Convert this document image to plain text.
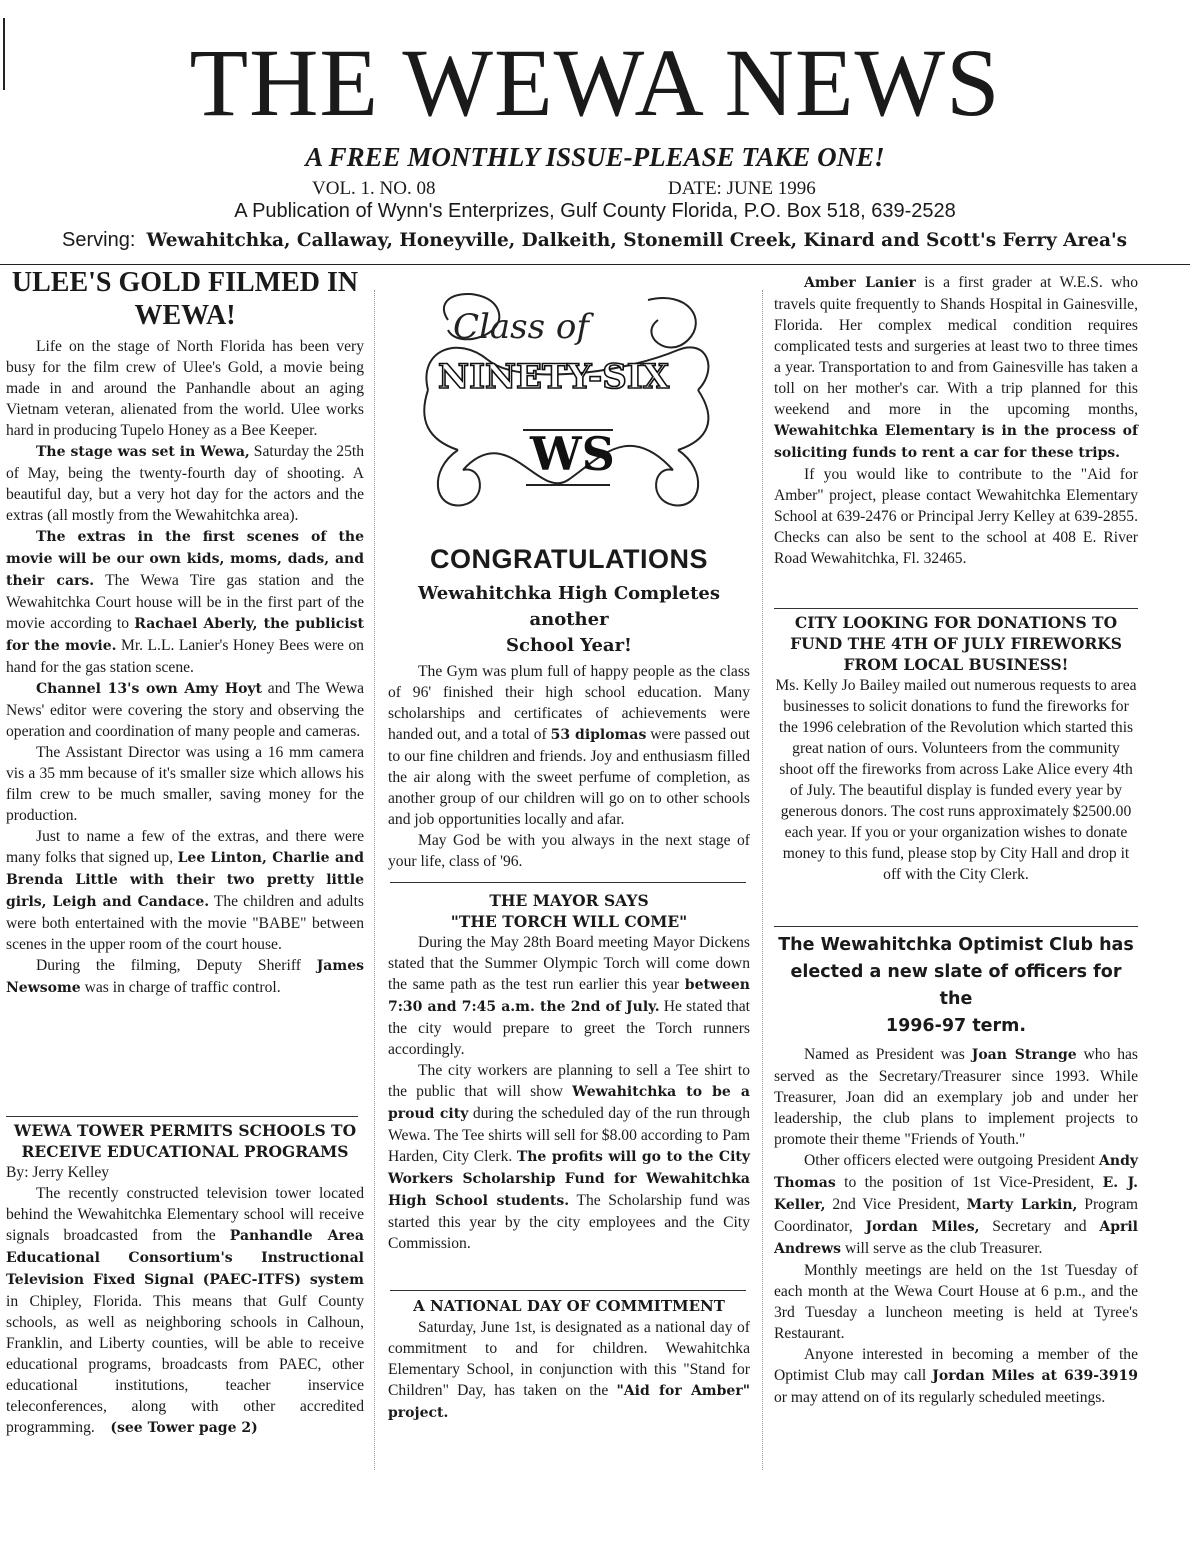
THE WEWA NEWS
A FREE MONTHLY ISSUE-PLEASE TAKE ONE!
VOL. 1. NO. 08	DATE: JUNE 1996
A Publication of Wynn's Enterprizes, Gulf County Florida, P.O. Box 518, 639-2528
Serving: Wewahitchka, Callaway, Honeyville, Dalkeith, Stonemill Creek, Kinard and Scott's Ferry Area's
ULEE'S GOLD FILMED IN
WEWA!

Life on the stage of North Florida has been very busy for the film crew of Ulee's Gold, a movie being made in and around the Panhandle about an aging Vietnam veteran, alienated from the world. Ulee works hard in producing Tupelo Honey as a Bee Keeper.

The stage was set in Wewa, Saturday the 25th of May, being the twenty-fourth day of shooting. A beautiful day, but a very hot day for the actors and the extras (all mostly from the Wewahitchka area).

The extras in the first scenes of the movie will be our own kids, moms, dads, and their cars. The Wewa Tire gas station and the Wewahitchka Court house will be in the first part of the movie according to Rachael Aberly, the publicist for the movie. Mr. L.L. Lanier's Honey Bees were on hand for the gas station scene.

Channel 13's own Amy Hoyt and The Wewa News' editor were covering the story and observing the operation and coordination of many people and cameras.

The Assistant Director was using a 16 mm camera vis a 35 mm because of it's smaller size which allows his film crew to be much smaller, saving money for the production.

Just to name a few of the extras, and there were many folks that signed up, Lee Linton, Charlie and Brenda Little with their two pretty little girls, Leigh and Candace. The children and adults were both entertained with the movie "BABE" between scenes in the upper room of the court house.

During the filming, Deputy Sheriff James Newsome was in charge of traffic control.

WEWA TOWER PERMITS SCHOOLS TO RECEIVE EDUCATIONAL PROGRAMS

By: Jerry Kelley

The recently constructed television tower located behind the Wewahitchka Elementary school will receive signals broadcasted from the Panhandle Area Educational Consortium's Instructional Television Fixed Signal (PAEC-ITFS) system in Chipley, Florida. This means that Gulf County schools, as well as neighboring schools in Calhoun, Franklin, and Liberty counties, will be able to receive educational programs, broadcasts from PAEC, other educational institutions, teacher inservice teleconferences, along with other accredited programming. (see Tower page 2)

Class of
NINETY-SIX
WS
CONGRATULATIONS
Wewahitchka High Completes another
School Year!

The Gym was plum full of happy people as the class of 96' finished their high school education. Many scholarships and certificates of achievements were handed out, and a total of 53 diplomas were passed out to our fine children and friends. Joy and enthusiasm filled the air along with the sweet perfume of completion, as another group of our children will go on to other schools and job opportunities locally and afar.

May God be with you always in the next stage of your life, class of '96.

THE MAYOR SAYS
"THE TORCH WILL COME"

During the May 28th Board meeting Mayor Dickens stated that the Summer Olympic Torch will come down the same path as the test run earlier this year between 7:30 and 7:45 a.m. the 2nd of July. He stated that the city would prepare to greet the Torch runners accordingly.

The city workers are planning to sell a Tee shirt to the public that will show Wewahitchka to be a proud city during the scheduled day of the run through Wewa. The Tee shirts will sell for $8.00 according to Pam Harden, City Clerk. The profits will go to the City Workers Scholarship Fund for Wewahitchka High School students. The Scholarship fund was started this year by the city employees and the City Commission.

A NATIONAL DAY OF COMMITMENT

Saturday, June 1st, is designated as a national day of commitment to and for children. Wewahitchka Elementary School, in conjunction with this "Stand for Children" Day, has taken on the "Aid for Amber" project.

Amber Lanier is a first grader at W.E.S. who travels quite frequently to Shands Hospital in Gainesville, Florida. Her complex medical condition requires complicated tests and surgeries at least two to three times a year. Transportation to and from Gainesville has taken a toll on her mother's car. With a trip planned for this weekend and more in the upcoming months, Wewahitchka Elementary is in the process of soliciting funds to rent a car for these trips.

If you would like to contribute to the "Aid for Amber" project, please contact Wewahitchka Elementary School at 639-2476 or Principal Jerry Kelley at 639-2855. Checks can also be sent to the school at 408 E. River Road Wewahitchka, Fl. 32465.

CITY LOOKING FOR DONATIONS TO FUND THE 4TH OF JULY FIREWORKS FROM LOCAL BUSINESS!

Ms. Kelly Jo Bailey mailed out numerous requests to area businesses to solicit donations to fund the fireworks for the 1996 celebration of the Revolution which started this great nation of ours. Volunteers from the community shoot off the fireworks from across Lake Alice every 4th of July. The beautiful display is funded every year by generous donors. The cost runs approximately $2500.00 each year. If you or your organization wishes to donate money to this fund, please stop by City Hall and drop it off with the City Clerk.

The Wewahitchka Optimist Club has
elected a new slate of officers for the
1996-97 term.

Named as President was Joan Strange who has served as the Secretary/Treasurer since 1993. While Treasurer, Joan did an exemplary job and under her leadership, the club plans to implement projects to promote their theme "Friends of Youth."

Other officers elected were outgoing President Andy Thomas to the position of 1st Vice-President, E. J. Keller, 2nd Vice President, Marty Larkin, Program Coordinator, Jordan Miles, Secretary and April Andrews will serve as the club Treasurer.

Monthly meetings are held on the 1st Tuesday of each month at the Wewa Court House at 6 p.m., and the 3rd Tuesday a luncheon meeting is held at Tyree's Restaurant.

Anyone interested in becoming a member of the Optimist Club may call Jordan Miles at 639-3919 or may attend on of its regularly scheduled meetings.
